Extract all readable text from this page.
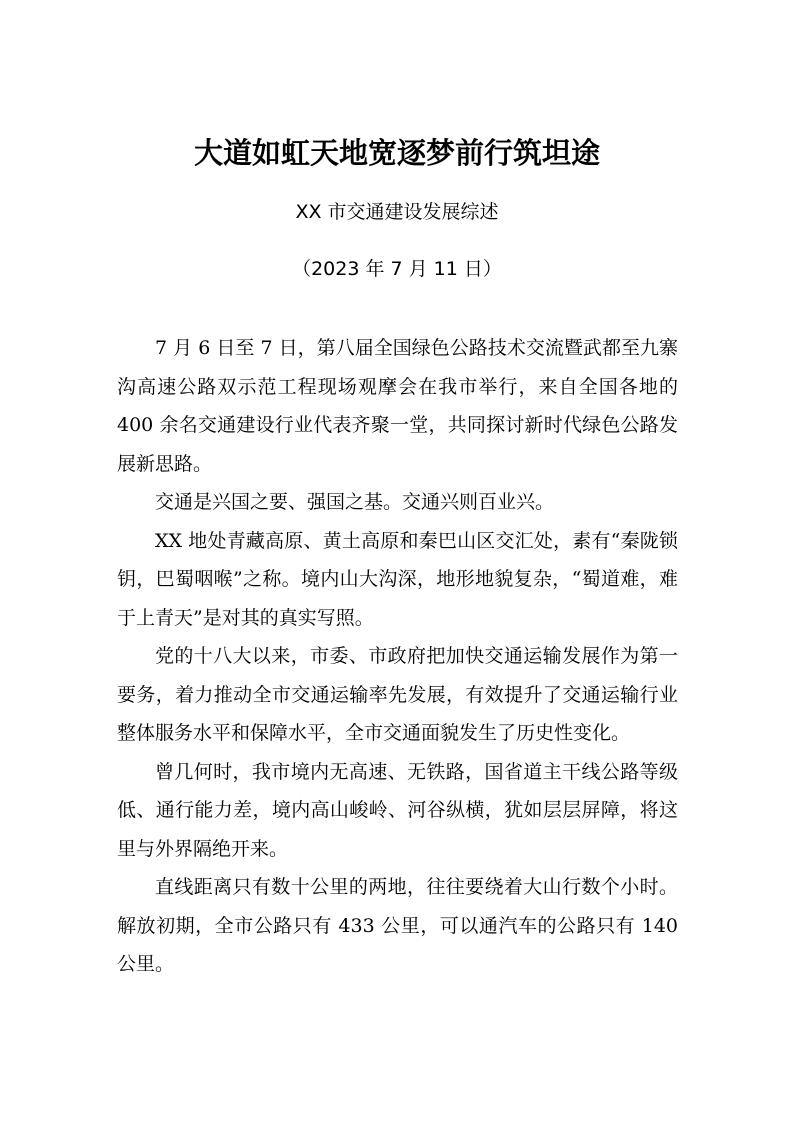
大道如虹天地宽逐梦前行筑坦途
XX 市交通建设发展综述
（2023 年 7 月 11 日）

7 月 6 日至 7 日，第八届全国绿色公路技术交流暨武都至九寨沟高速公路双示范工程现场观摩会在我市举行，来自全国各地的 400 余名交通建设行业代表齐聚一堂，共同探讨新时代绿色公路发展新思路。

交通是兴国之要、强国之基。交通兴则百业兴。

XX 地处青藏高原、黄土高原和秦巴山区交汇处，素有“秦陇锁钥，巴蜀咽喉”之称。境内山大沟深，地形地貌复杂，“蜀道难，难于上青天”是对其的真实写照。

党的十八大以来，市委、市政府把加快交通运输发展作为第一要务，着力推动全市交通运输率先发展，有效提升了交通运输行业整体服务水平和保障水平，全市交通面貌发生了历史性变化。

曾几何时，我市境内无高速、无铁路，国省道主干线公路等级低、通行能力差，境内高山峻岭、河谷纵横，犹如层层屏障，将这里与外界隔绝开来。

直线距离只有数十公里的两地，往往要绕着大山行数个小时。解放初期，全市公路只有 433 公里，可以通汽车的公路只有 140 公里。
